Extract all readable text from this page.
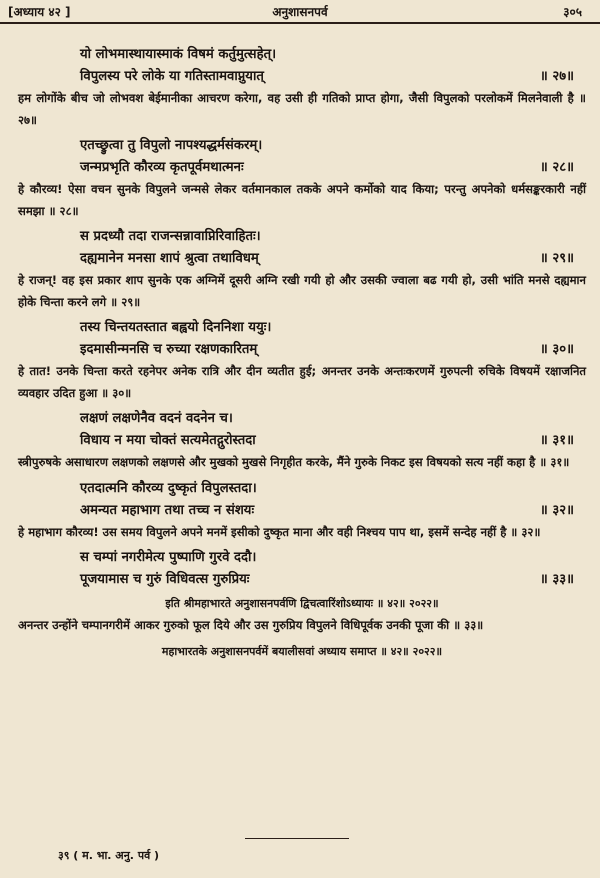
[अध्याय ४२ ]	अनुशासनपर्व	३०५
यो लोभमास्थायास्माकं विषमं कर्तुमुत्सहेत्।
विपुलस्य परे लोके या गतिस्तामवाप्नुयात्	॥ २७॥
हम लोगोंके बीच जो लोभवश बेईमानीका आचरण करेगा, वह उसी ही गतिको प्राप्त होगा, जैसी विपुलको परलोकमें मिलनेवाली है ॥ २७॥
एतच्छ्रुत्वा तु विपुलो नापश्यद्धर्मसंकरम्।
जन्मप्रभृति कौरव्य कृतपूर्वमथात्मनः	॥ २८॥
हे कौरव्य! ऐसा वचन सुनके विपुलने जन्मसे लेकर वर्तमानकाल तकके अपने कर्मोको याद किया; परन्तु अपनेको धर्मसङ्करकारी नहीं समझा ॥ २८॥
स प्रदध्यौ तदा राजन्सन्नावाप्निरिवाहितः।
दह्यमानेन मनसा शापं श्रुत्वा तथाविधम्	॥ २९॥
हे राजन्! वह इस प्रकार शाप सुनके एक अग्निमें दूसरी अग्नि रखी गयी हो और उसकी ज्वाला बढ गयी हो, उसी भांति मनसे दह्यमान होके चिन्ता करने लगे ॥ २९॥
तस्य चिन्तयतस्तात बह्वयो दिननिशा ययुः।
इदमासीन्मनसि च रुच्या रक्षणकारितम्	॥ ३०॥
हे तात! उनके चिन्ता करते रहनेपर अनेक रात्रि और दीन व्यतीत हुई; अनन्तर उनके अन्तःकरणमें गुरुपत्नी रुचिके विषयमें रक्षाजनित व्यवहार उदित हुआ ॥ ३०॥
लक्षणं लक्षणेनैव वदनं वदनेन च।
विधाय न मया चोक्तं सत्यमेतद्गुरोस्तदा	॥ ३१॥
स्त्रीपुरुषके असाधारण लक्षणको लक्षणसे और मुखको मुखसे निगृहीत करके, मैंने गुरुके निकट इस विषयको सत्य नहीं कहा है ॥ ३१॥
एतदात्मनि कौरव्य दुष्कृतं विपुलस्तदा।
अमन्यत महाभाग तथा तच्च न संशयः	॥ ३२॥
हे महाभाग कौरव्य! उस समय विपुलने अपने मनमें इसीको दुष्कृत माना और वही निश्चय पाप था, इसमें सन्देह नहीं है ॥ ३२॥
स चम्पां नगरीमेत्य पुष्पाणि गुरवे ददौ।
पूजयामास च गुरुं विधिवत्स गुरुप्रियः	॥ ३३॥
इति श्रीमहाभारते अनुशासनपर्वणि द्विचत्वारिंशोऽध्यायः ॥ ४२॥ २०२२॥
अनन्तर उन्होंने चम्पानगरीमें आकर गुरुको फूल दिये और उस गुरुप्रिय विपुलने विधिपूर्वक उनकी पूजा की ॥ ३३॥
महाभारतके अनुशासनपर्वमें बयालीसवां अध्याय समाप्त ॥ ४२॥ २०२२॥
३९ ( म. भा. अनु. पर्व )
